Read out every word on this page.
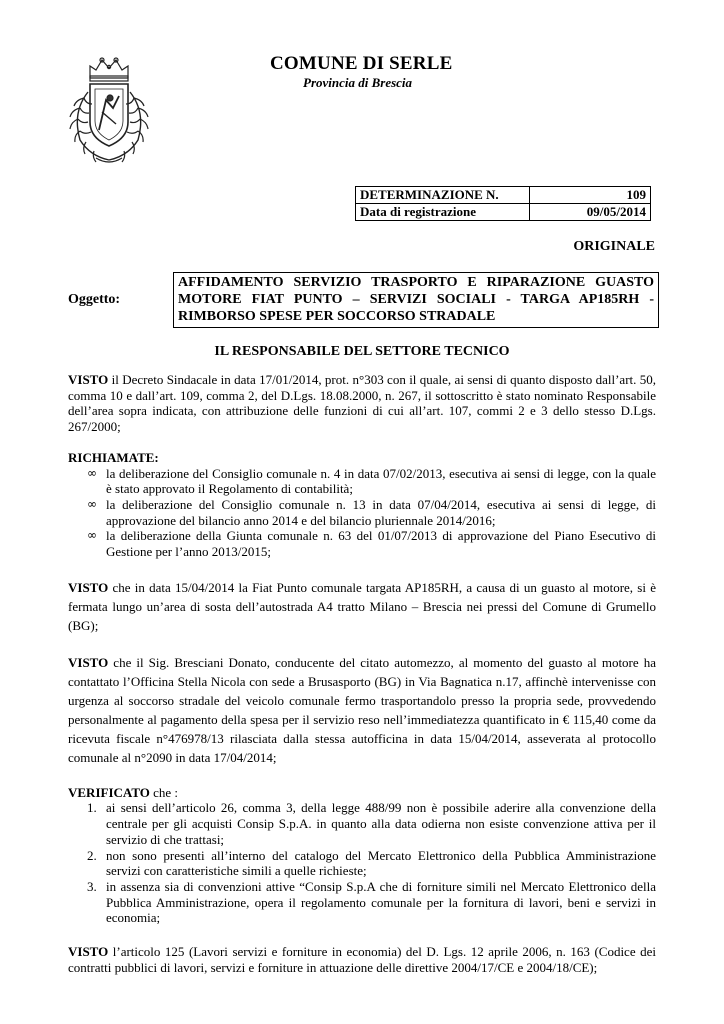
COMUNE DI SERLE
Provincia di Brescia
DETERMINAZIONE N.	109
Data di registrazione	09/05/2014
ORIGINALE
Oggetto:
AFFIDAMENTO SERVIZIO TRASPORTO E RIPARAZIONE GUASTO MOTORE FIAT PUNTO – SERVIZI SOCIALI - TARGA AP185RH - RIMBORSO SPESE PER SOCCORSO STRADALE
IL RESPONSABILE DEL SETTORE TECNICO

VISTO il Decreto Sindacale in data 17/01/2014, prot. n°303 con il quale, ai sensi di quanto disposto dall’art. 50, comma 10 e dall’art. 109, comma 2, del D.Lgs. 18.08.2000, n. 267, il sottoscritto è stato nominato Responsabile dell’area sopra indicata, con attribuzione delle funzioni di cui all’art. 107, commi 2 e 3 dello stesso D.Lgs. 267/2000;

RICHIAMATE:
∞ la deliberazione del Consiglio comunale n. 4 in data 07/02/2013, esecutiva ai sensi di legge, con la quale è stato approvato il Regolamento di contabilità;
∞ la deliberazione del Consiglio comunale n. 13 in data 07/04/2014, esecutiva ai sensi di legge, di approvazione del bilancio anno 2014 e del bilancio pluriennale 2014/2016;
∞ la deliberazione della Giunta comunale n. 63 del 01/07/2013 di approvazione del Piano Esecutivo di Gestione per l’anno 2013/2015;

VISTO che in data 15/04/2014 la Fiat Punto comunale targata AP185RH, a causa di un guasto al motore, si è fermata lungo un’area di sosta dell’autostrada A4 tratto Milano – Brescia nei pressi del Comune di Grumello (BG);

VISTO che il Sig. Bresciani Donato, conducente del citato automezzo, al momento del guasto al motore ha contattato l’Officina Stella Nicola con sede a Brusasporto (BG) in Via Bagnatica n.17, affinchè intervenisse con urgenza al soccorso stradale del veicolo comunale fermo trasportandolo presso la propria sede, provvedendo personalmente al pagamento della spesa per il servizio reso nell’immediatezza quantificato in € 115,40 come da ricevuta fiscale n°476978/13 rilasciata dalla stessa autofficina in data 15/04/2014, asseverata al protocollo comunale al n°2090 in data 17/04/2014;

VERIFICATO che :
1. ai sensi dell’articolo 26, comma 3, della legge 488/99 non è possibile aderire alla convenzione della centrale per gli acquisti Consip S.p.A. in quanto alla data odierna non esiste convenzione attiva per il servizio di che trattasi;
2. non sono presenti all’interno del catalogo del Mercato Elettronico della Pubblica Amministrazione servizi con caratteristiche simili a quelle richieste;
3. in assenza sia di convenzioni attive “Consip S.p.A che di forniture simili nel Mercato Elettronico della Pubblica Amministrazione, opera il regolamento comunale per la fornitura di lavori, beni e servizi in economia;

VISTO l’articolo 125 (Lavori servizi e forniture in economia) del D. Lgs. 12 aprile 2006, n. 163 (Codice dei contratti pubblici di lavori, servizi e forniture in attuazione delle direttive 2004/17/CE e 2004/18/CE);
